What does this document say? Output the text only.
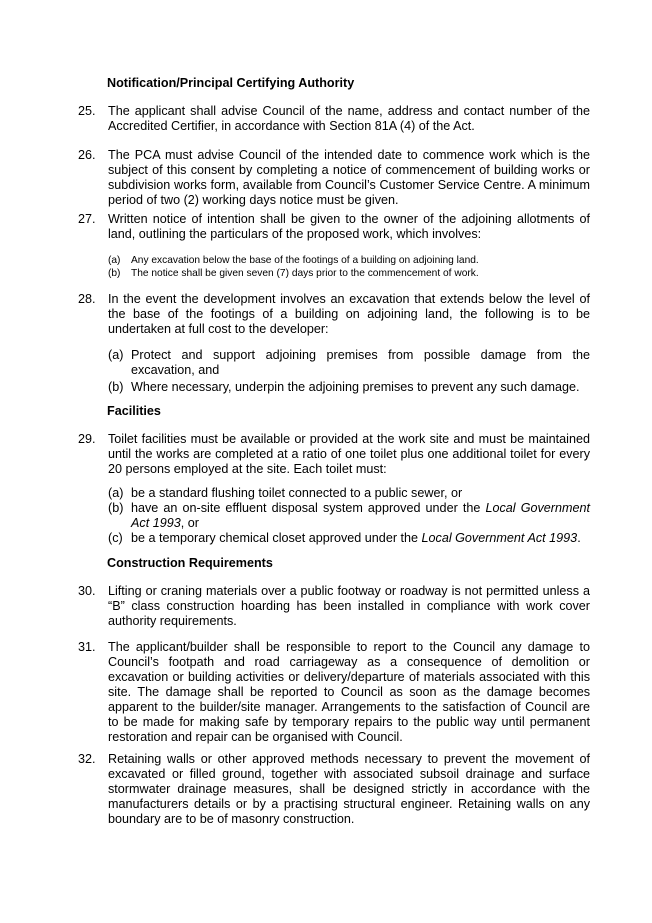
Notification/Principal Certifying Authority
25. The applicant shall advise Council of the name, address and contact number of the Accredited Certifier, in accordance with Section 81A (4) of the Act.
26. The PCA must advise Council of the intended date to commence work which is the subject of this consent by completing a notice of commencement of building works or subdivision works form, available from Council’s Customer Service Centre. A minimum period of two (2) working days notice must be given.
27. Written notice of intention shall be given to the owner of the adjoining allotments of land, outlining the particulars of the proposed work, which involves:
(a) Any excavation below the base of the footings of a building on adjoining land.
(b) The notice shall be given seven (7) days prior to the commencement of work.
28. In the event the development involves an excavation that extends below the level of the base of the footings of a building on adjoining land, the following is to be undertaken at full cost to the developer:
(a) Protect and support adjoining premises from possible damage from the excavation, and
(b) Where necessary, underpin the adjoining premises to prevent any such damage.
Facilities
29. Toilet facilities must be available or provided at the work site and must be maintained until the works are completed at a ratio of one toilet plus one additional toilet for every 20 persons employed at the site. Each toilet must:
(a) be a standard flushing toilet connected to a public sewer, or
(b) have an on-site effluent disposal system approved under the Local Government Act 1993, or
(c) be a temporary chemical closet approved under the Local Government Act 1993.
Construction Requirements
30. Lifting or craning materials over a public footway or roadway is not permitted unless a “B” class construction hoarding has been installed in compliance with work cover authority requirements.
31. The applicant/builder shall be responsible to report to the Council any damage to Council’s footpath and road carriageway as a consequence of demolition or excavation or building activities or delivery/departure of materials associated with this site. The damage shall be reported to Council as soon as the damage becomes apparent to the builder/site manager. Arrangements to the satisfaction of Council are to be made for making safe by temporary repairs to the public way until permanent restoration and repair can be organised with Council.
32. Retaining walls or other approved methods necessary to prevent the movement of excavated or filled ground, together with associated subsoil drainage and surface stormwater drainage measures, shall be designed strictly in accordance with the manufacturers details or by a practising structural engineer. Retaining walls on any boundary are to be of masonry construction.
